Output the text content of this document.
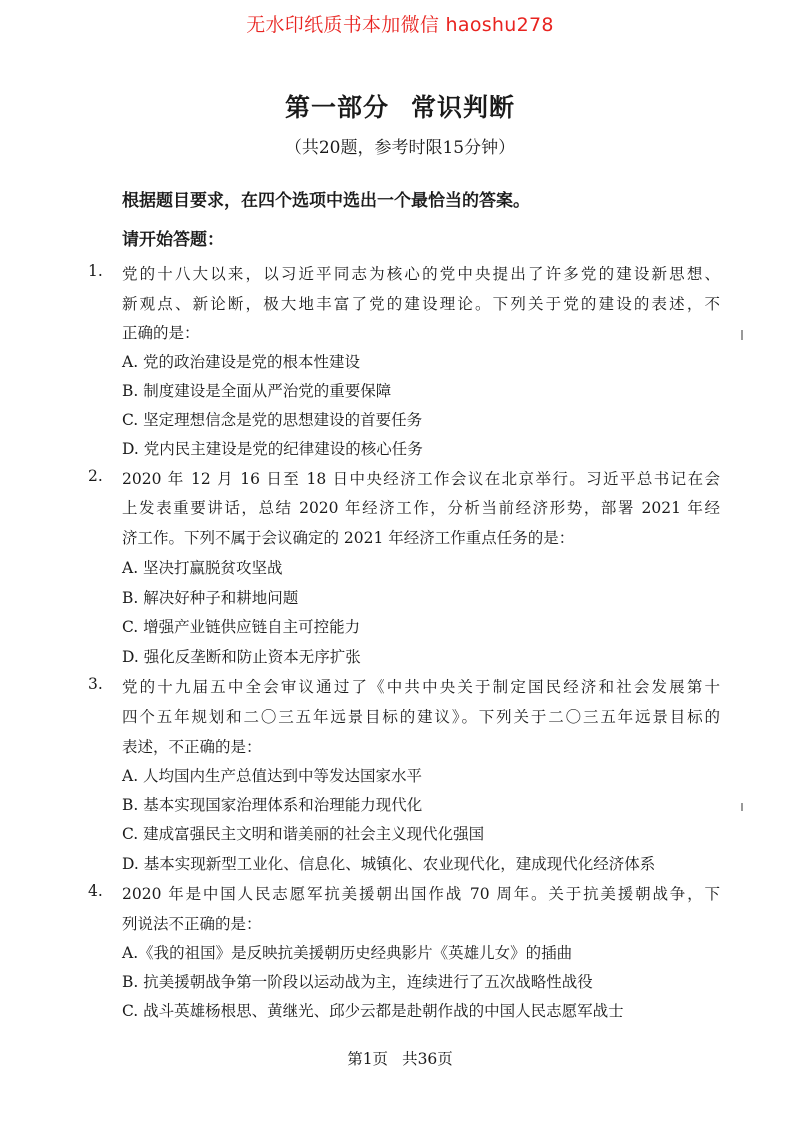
无水印纸质书本加微信 haoshu278
第一部分 常识判断
（共20题，参考时限15分钟）
根据题目要求，在四个选项中选出一个最恰当的答案。
请开始答题：
1. 党的十八大以来，以习近平同志为核心的党中央提出了许多党的建设新思想、
新观点、新论断，极大地丰富了党的建设理论。下列关于党的建设的表述，不
正确的是：
A. 党的政治建设是党的根本性建设
B. 制度建设是全面从严治党的重要保障
C. 坚定理想信念是党的思想建设的首要任务
D. 党内民主建设是党的纪律建设的核心任务
2. 2020 年 12 月 16 日至 18 日中央经济工作会议在北京举行。习近平总书记在会
上发表重要讲话，总结 2020 年经济工作，分析当前经济形势，部署 2021 年经
济工作。下列不属于会议确定的 2021 年经济工作重点任务的是：
A. 坚决打赢脱贫攻坚战
B. 解决好种子和耕地问题
C. 增强产业链供应链自主可控能力
D. 强化反垄断和防止资本无序扩张
3. 党的十九届五中全会审议通过了《中共中央关于制定国民经济和社会发展第十
四个五年规划和二〇三五年远景目标的建议》。下列关于二〇三五年远景目标的
表述，不正确的是：
A. 人均国内生产总值达到中等发达国家水平
B. 基本实现国家治理体系和治理能力现代化
C. 建成富强民主文明和谐美丽的社会主义现代化强国
D. 基本实现新型工业化、信息化、城镇化、农业现代化，建成现代化经济体系
4. 2020 年是中国人民志愿军抗美援朝出国作战 70 周年。关于抗美援朝战争，下
列说法不正确的是：
A.《我的祖国》是反映抗美援朝历史经典影片《英雄儿女》的插曲
B. 抗美援朝战争第一阶段以运动战为主，连续进行了五次战略性战役
C. 战斗英雄杨根思、黄继光、邱少云都是赴朝作战的中国人民志愿军战士
第1页 共36页
